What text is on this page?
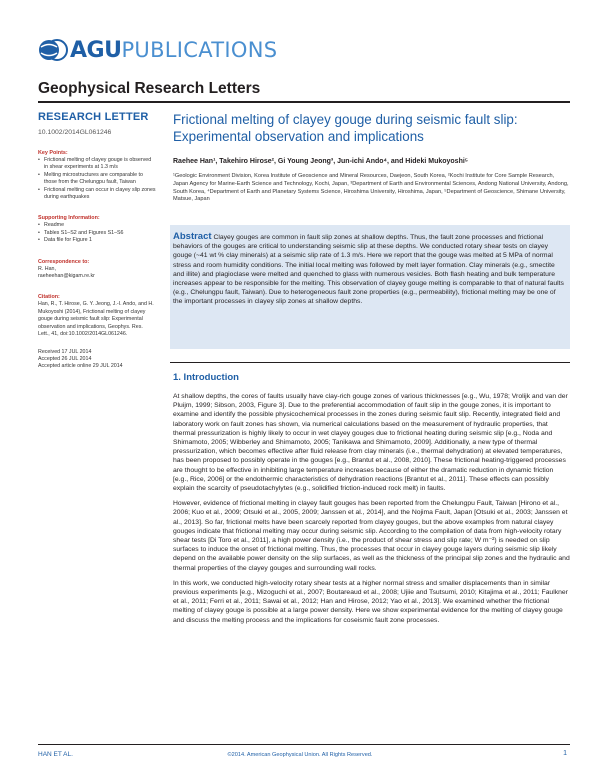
AGU PUBLICATIONS
Geophysical Research Letters
RESEARCH LETTER
10.1002/2014GL061246
Key Points:
• Frictional melting of clayey gouge is observed in shear experiments at 1.3 m/s
• Melting microstructures are comparable to those from the Chelungpu fault, Taiwan
• Frictional melting can occur in clayey slip zones during earthquakes
Supporting Information:
• Readme
• Tables S1–S2 and Figures S1–S6
• Data file for Figure 1
Correspondence to:
R. Han,
raeheehan@kigam.re.kr
Citation:
Han, R., T. Hirose, G. Y. Jeong, J.-I. Ando, and H. Mukoyoshi (2014), Frictional melting of clayey gouge during seismic fault slip: Experimental observation and implications, Geophys. Res. Lett., 41, doi:10.1002/2014GL061246.
Received 17 JUL 2014
Accepted 26 JUL 2014
Accepted article online 29 JUL 2014
Frictional melting of clayey gouge during seismic fault slip: Experimental observation and implications
Raehee Han¹, Takehiro Hirose², Gi Young Jeong³, Jun-ichi Ando⁴, and Hideki Mukoyoshi⁵
¹Geologic Environment Division, Korea Institute of Geoscience and Mineral Resources, Daejeon, South Korea, ²Kochi Institute for Core Sample Research, Japan Agency for Marine-Earth Science and Technology, Kochi, Japan, ³Department of Earth and Environmental Sciences, Andong National University, Andong, South Korea, ⁴Department of Earth and Planetary Systems Science, Hiroshima University, Hiroshima, Japan, ⁵Department of Geoscience, Shimane University, Matsue, Japan

Abstract Clayey gouges are common in fault slip zones at shallow depths. Thus, the fault zone processes and frictional behaviors of the gouges are critical to understanding seismic slip at these depths. We conducted rotary shear tests on clayey gouge (~41 wt % clay minerals) at a seismic slip rate of 1.3 m/s. Here we report that the gouge was melted at 5 MPa of normal stress and room humidity conditions. The initial local melting was followed by melt layer formation. Clay minerals (e.g., smectite and illite) and plagioclase were melted and quenched to glass with numerous vesicles. Both flash heating and bulk temperature increases appear to be responsible for the melting. This observation of clayey gouge melting is comparable to that of natural faults (e.g., Chelungpu fault, Taiwan). Due to heterogeneous fault zone properties (e.g., permeability), frictional melting may be one of the important processes in clayey slip zones at shallow depths.

1. Introduction

At shallow depths, the cores of faults usually have clay-rich gouge zones of various thicknesses [e.g., Wu, 1978; Vrolijk and van der Pluijm, 1999; Sibson, 2003, Figure 3]. Due to the preferential accommodation of fault slip in the gouge zones, it is important to examine and identify the possible physicochemical processes in the zones during seismic fault slip. Recently, integrated field and laboratory work on fault zones has shown, via numerical calculations based on the measurement of hydraulic properties, that thermal pressurization is highly likely to occur in wet clayey gouges due to frictional heating during seismic slip [e.g., Noda and Shimamoto, 2005; Wibberley and Shimamoto, 2005; Tanikawa and Shimamoto, 2009]. Additionally, a new type of thermal pressurization, which becomes effective after fluid release from clay minerals (i.e., thermal dehydration) at elevated temperatures, has been proposed to possibly operate in the gouges [e.g., Brantut et al., 2008, 2010]. These frictional heating-triggered processes are thought to be effective in inhibiting large temperature increases because of either the dramatic reduction in dynamic friction [e.g., Rice, 2006] or the endothermic characteristics of dehydration reactions [Brantut et al., 2011]. These effects can possibly explain the scarcity of pseudotachylytes (e.g., solidified friction-induced rock melt) in faults.

However, evidence of frictional melting in clayey fault gouges has been reported from the Chelungpu Fault, Taiwan [Hirono et al., 2006; Kuo et al., 2009; Otsuki et al., 2005, 2009; Janssen et al., 2014], and the Nojima Fault, Japan [Otsuki et al., 2003; Janssen et al., 2013]. So far, frictional melts have been scarcely reported from clayey gouges, but the above examples from natural clayey gouges indicate that frictional melting may occur during seismic slip. According to the compilation of data from high-velocity rotary shear tests [Di Toro et al., 2011], a high power density (i.e., the product of shear stress and slip rate; W m⁻²) is needed on slip surfaces to induce the onset of frictional melting. Thus, the processes that occur in clayey gouge layers during seismic slip likely depend on the available power density on the slip surfaces, as well as the thickness of the principal slip zones and the hydraulic and thermal properties of the clayey gouges and surrounding wall rocks.

In this work, we conducted high-velocity rotary shear tests at a higher normal stress and smaller displacements than in similar previous experiments [e.g., Mizoguchi et al., 2007; Boutareaud et al., 2008; Ujiie and Tsutsumi, 2010; Kitajima et al., 2011; Faulkner et al., 2011; Ferri et al., 2011; Sawai et al., 2012; Han and Hirose, 2012; Yao et al., 2013]. We examined whether the frictional melting of clayey gouge is possible at a large power density. Here we show experimental evidence for the melting of clayey gouge and discuss the melting process and the implications for coseismic fault zone processes.

HAN ET AL.	©2014. American Geophysical Union. All Rights Reserved.	1
